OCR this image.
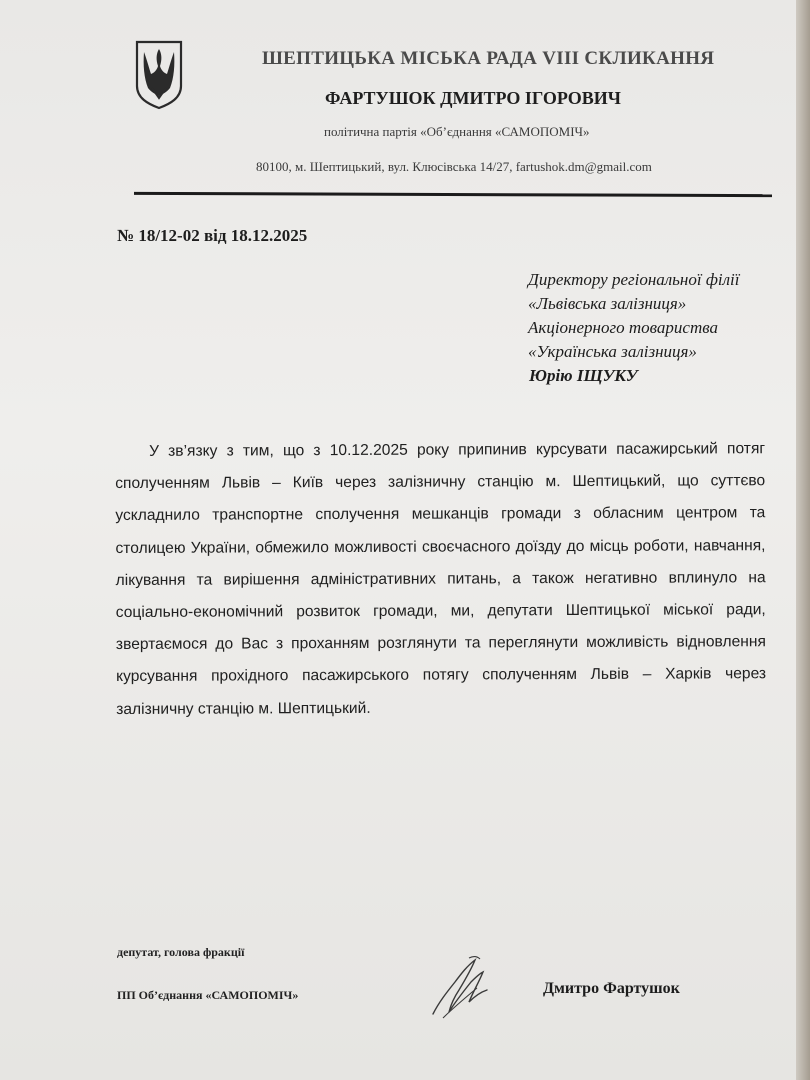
ШЕПТИЦЬКА МІСЬКА РАДА VIII СКЛИКАННЯ
ФАРТУШОК ДМИТРО ІГОРОВИЧ
політична партія «Об’єднання «САМОПОМІЧ»
80100, м. Шептицький, вул. Клюсівська 14/27, fartushok.dm@gmail.com
№ 18/12-02 від 18.12.2025
Директору регіональної філії
«Львівська залізниця»
Акціонерного товариства
«Українська залізниця»
Юрію ІЩУКУ
У зв’язку з тим, що з 10.12.2025 року припинив курсувати пасажирський потяг сполученням Львів – Київ через залізничну станцію м. Шептицький, що суттєво ускладнило транспортне сполучення мешканців громади з обласним центром та столицею України, обмежило можливості своєчасного доїзду до місць роботи, навчання, лікування та вирішення адміністративних питань, а також негативно вплинуло на соціально-економічний розвиток громади, ми, депутати Шептицької міської ради, звертаємося до Вас з проханням розглянути та переглянути можливість відновлення курсування прохідного пасажирського потягу сполученням Львів – Харків через залізничну станцію м. Шептицький.
депутат, голова фракції
ПП Об’єднання «САМОПОМІЧ»	Дмитро Фартушок
